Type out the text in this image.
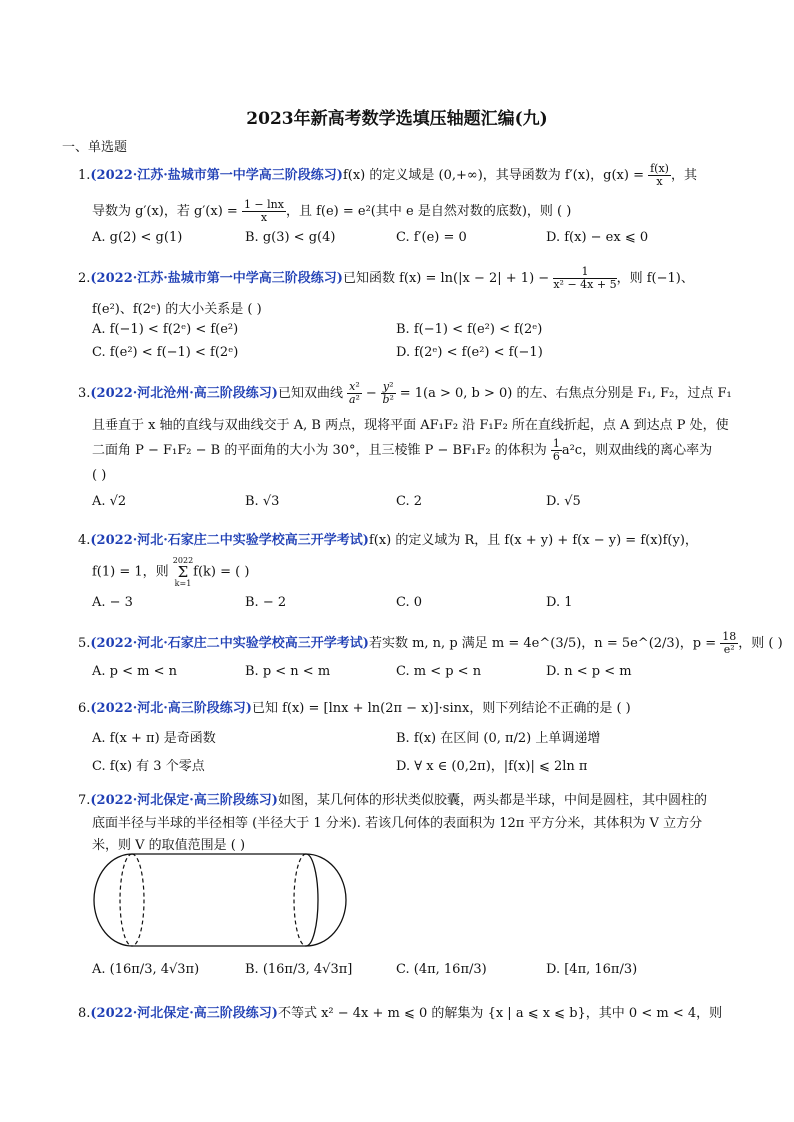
2023年新高考数学选填压轴题汇编(九)
一、单选题
1.(2022·江苏·盐城市第一中学高三阶段练习)f(x) 的定义域是 (0,+∞)，其导函数为 f′(x)，$g(x) = \frac{f(x)}{x}$ ，其
导数为 g′(x)，若 $g'(x) = \frac{1 - \ln x}{x}$ ，且 f(e) = e²(其中 e 是自然对数的底数)，则 ( )
A. g(2) < g(1)	B. g(3) < g(4)	C. f′(e) = 0	D. f(x) − ex ⩽ 0
2.(2022·江苏·盐城市第一中学高三阶段练习)已知函数 $f(x) = \ln(|x - 2| + 1) - \frac{1}{\text{x² − 4x + 5}}$ ，则 f(−1)、
f(e²)、f(2ᵉ) 的大小关系是 ( )
A. f(−1) < f(2ᵉ) < f(e²)	B. f(−1) < f(e²) < f(2ᵉ)
C. f(e²) < f(−1) < f(2ᵉ)	D. f(2ᵉ) < f(e²) < f(−1)
3.(2022·河北沧州·高三阶段练习)已知双曲线 $\frac{\text{x²}}{\text{a²}} - \frac{\text{y²}}{\text{b²}} = 1(a > 0$, b > 0) 的左、右焦点分别是 F₁, F₂，过点 F₁
且垂直于 x 轴的直线与双曲线交于 A, B 两点，现将平面 AF₁F₂ 沿 F₁F₂ 所在直线折起，点 A 到达点 P 处，使
二面角 P − F₁F₂ − B 的平面角的大小为 30°，且三棱锥 P − BF₁F₂ 的体积为 $\frac{1}{6} a^2c$，则双曲线的离心率为
( )
A. √2	B. √3	C. 2	D. √5
4.(2022·河北·石家庄二中实验学校高三开学考试)f(x) 的定义域为 R，且 f(x + y) + f(x − y) = f(x)f(y)，
f(1) = 1，则
2022
Σ
k=1
f(k) = ( )
A. − 3	B. − 2	C. 0	D. 1
5.(2022·河北·石家庄二中实验学校高三开学考试)若实数 m, n, p 满足 m = 4e^(3/5)，n = 5e^(2/3)，$p = \frac{18}{\text{e²}}$ ，则 ( )
A. p < m < n	B. p < n < m	C. m < p < n	D. n < p < m
6.(2022·河北·高三阶段练习)已知 f(x) = [lnx + ln(2π − x)]·sinx，则下列结论不正确的是 ( )
A. f(x + π) 是奇函数	B. f(x) 在区间 (0, π/2) 上单调递增
C. f(x) 有 3 个零点	D. ∀ x ∈ (0,2π)，|f(x)| ⩽ 2ln π
7.(2022·河北保定·高三阶段练习)如图，某几何体的形状类似胶囊，两头都是半球，中间是圆柱，其中圆柱的
底面半径与半球的半径相等 (半径大于 1 分米). 若该几何体的表面积为 12π 平方分米，其体积为 V 立方分
米，则 V 的取值范围是 ( )
A. (16π/3, 4√3π)	B. (16π/3, 4√3π]	C. (4π, 16π/3)	D. [4π, 16π/3)
8.(2022·河北保定·高三阶段练习)不等式 x² − 4x + m ⩽ 0 的解集为 {x | a ⩽ x ⩽ b}，其中 0 < m < 4，则
